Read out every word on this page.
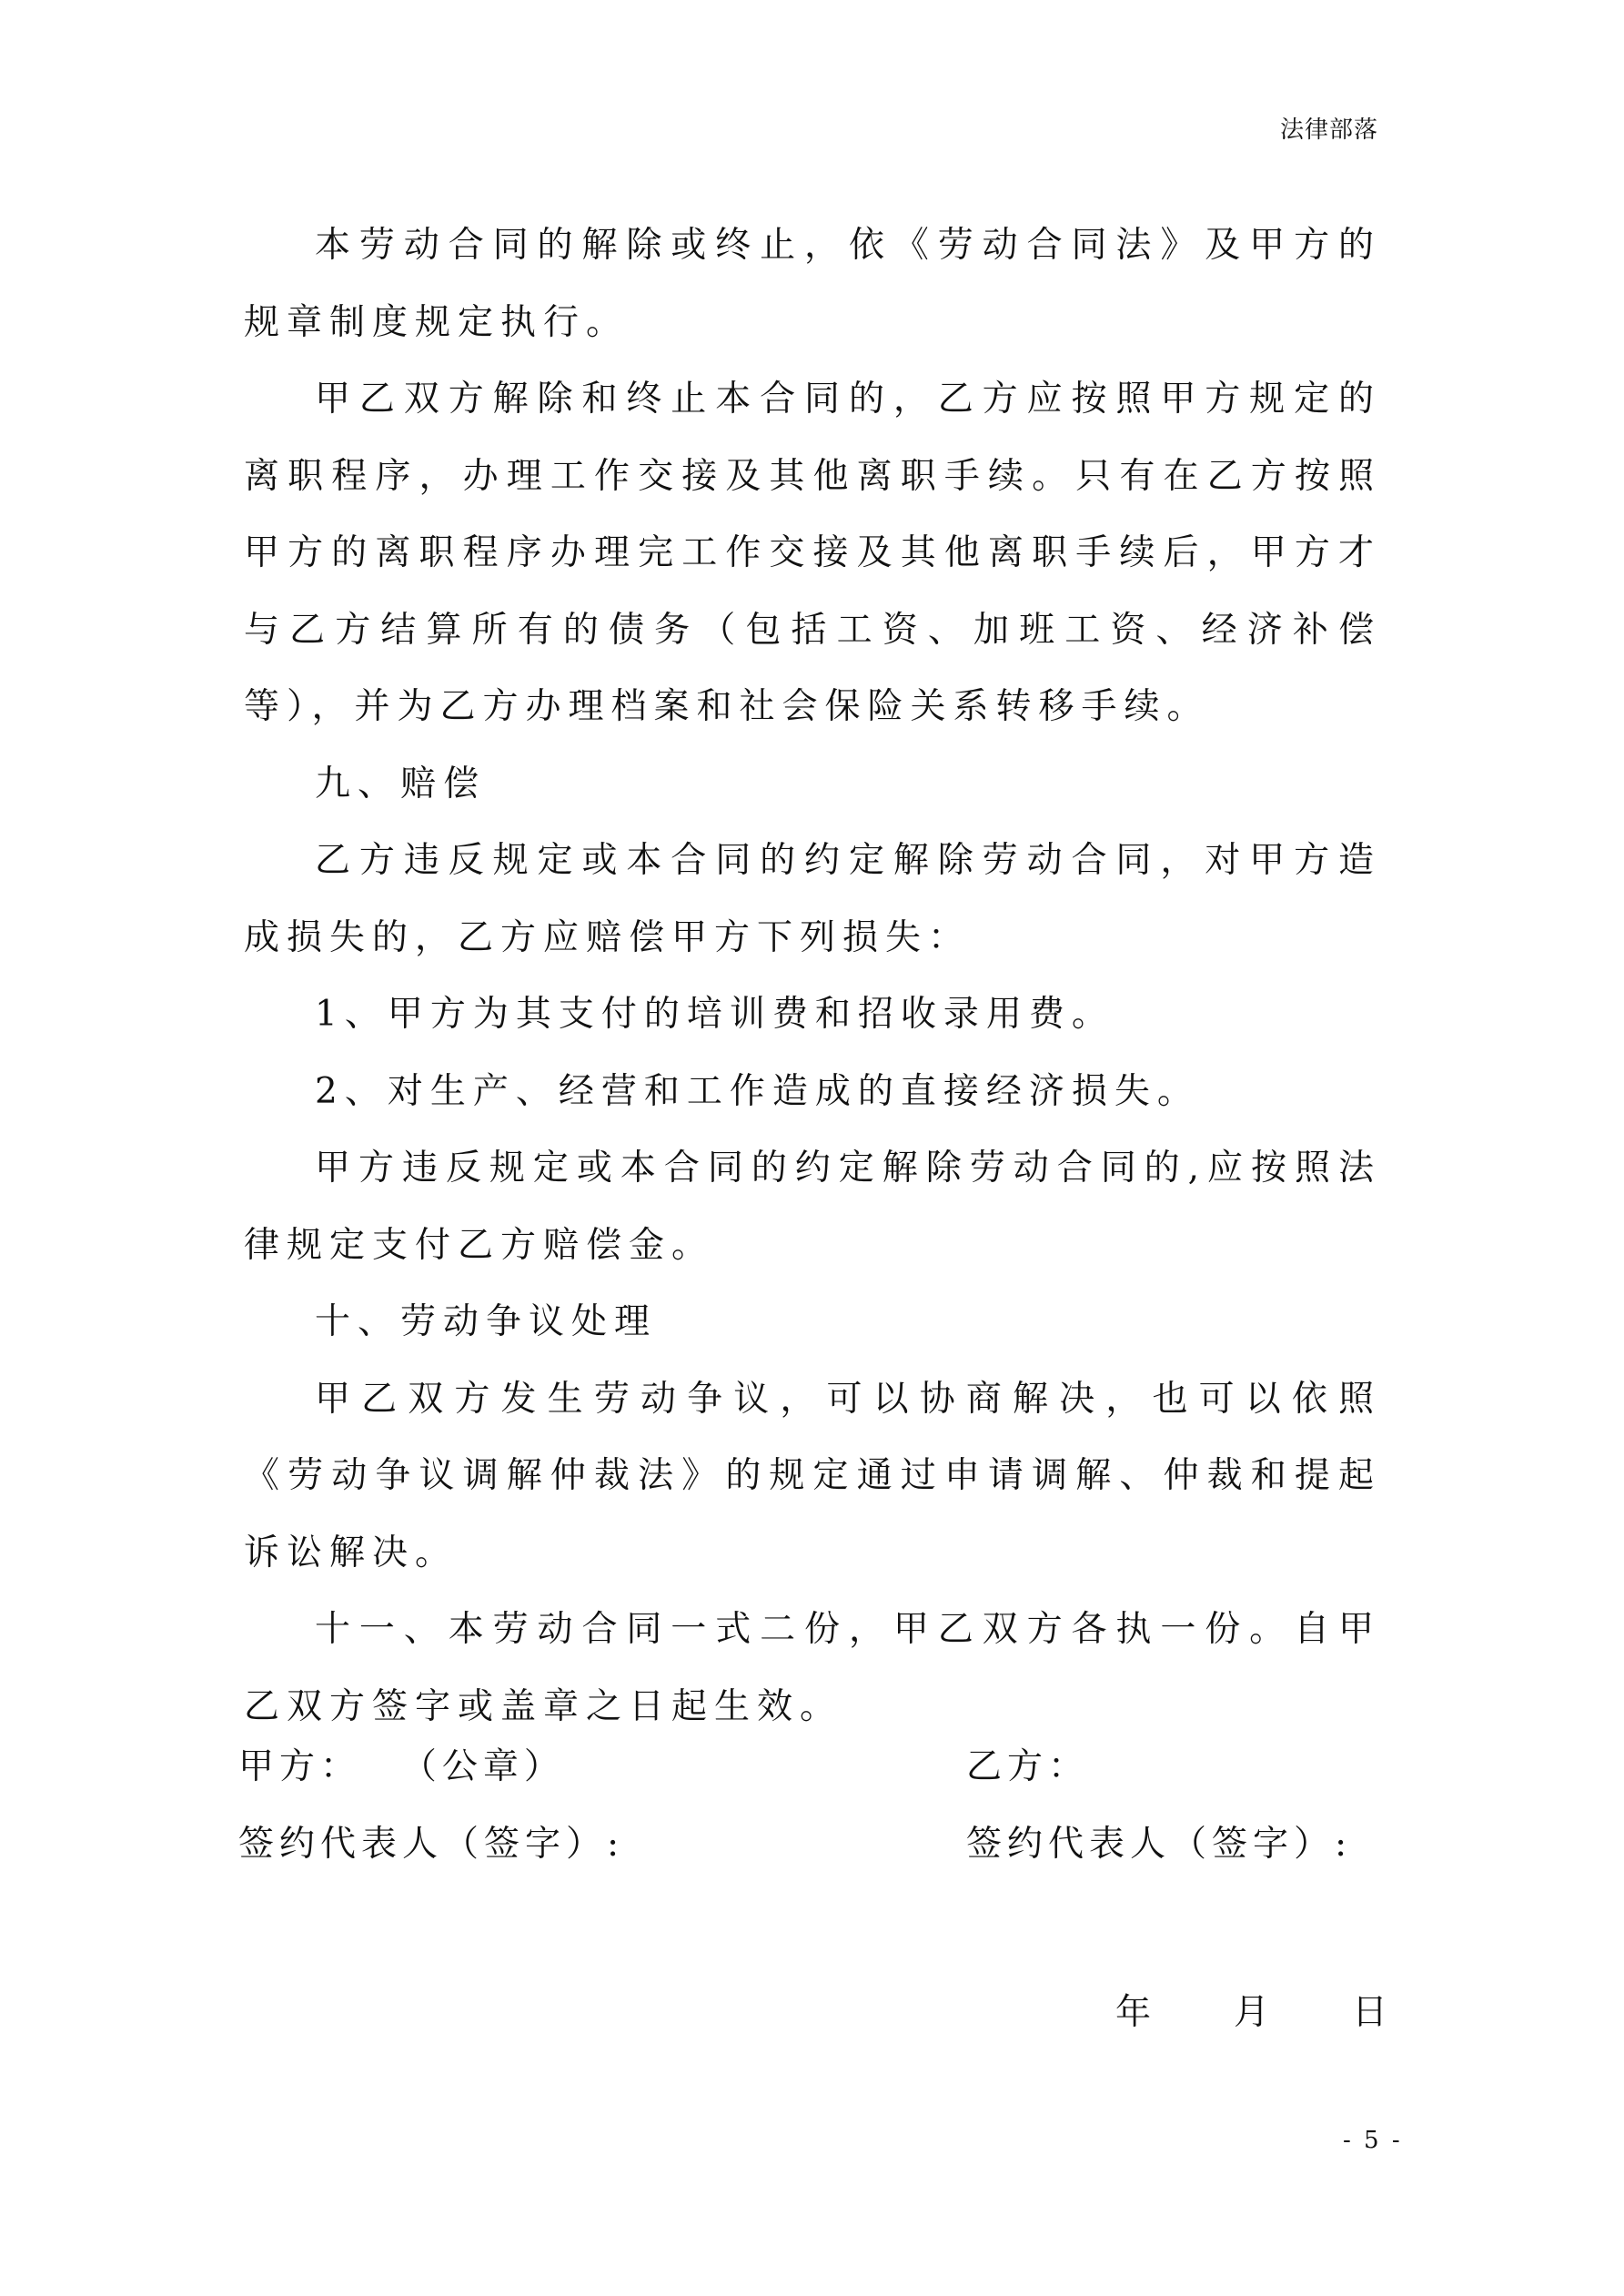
法律部落

本劳动合同的解除或终止，依《劳动合同法》及甲方的规章制度规定执行。

甲乙双方解除和终止本合同的，乙方应按照甲方规定的离职程序，办理工作交接及其他离职手续。只有在乙方按照甲方的离职程序办理完工作交接及其他离职手续后，甲方才与乙方结算所有的债务（包括工资、加班工资、经济补偿等），并为乙方办理档案和社会保险关系转移手续。

九、赔偿

乙方违反规定或本合同的约定解除劳动合同，对甲方造成损失的，乙方应赔偿甲方下列损失：

1、甲方为其支付的培训费和招收录用费。

2、对生产、经营和工作造成的直接经济损失。

甲方违反规定或本合同的约定解除劳动合同的,应按照法律规定支付乙方赔偿金。

十、劳动争议处理

甲乙双方发生劳动争议，可以协商解决，也可以依照《劳动争议调解仲裁法》的规定通过申请调解、仲裁和提起诉讼解决。

十一、本劳动合同一式二份，甲乙双方各执一份。自甲乙双方签字或盖章之日起生效。

甲方：　 （公章）	乙方：
签约代表人（签字）:	签约代表人（签字）:
年 月 日
- 5 -
